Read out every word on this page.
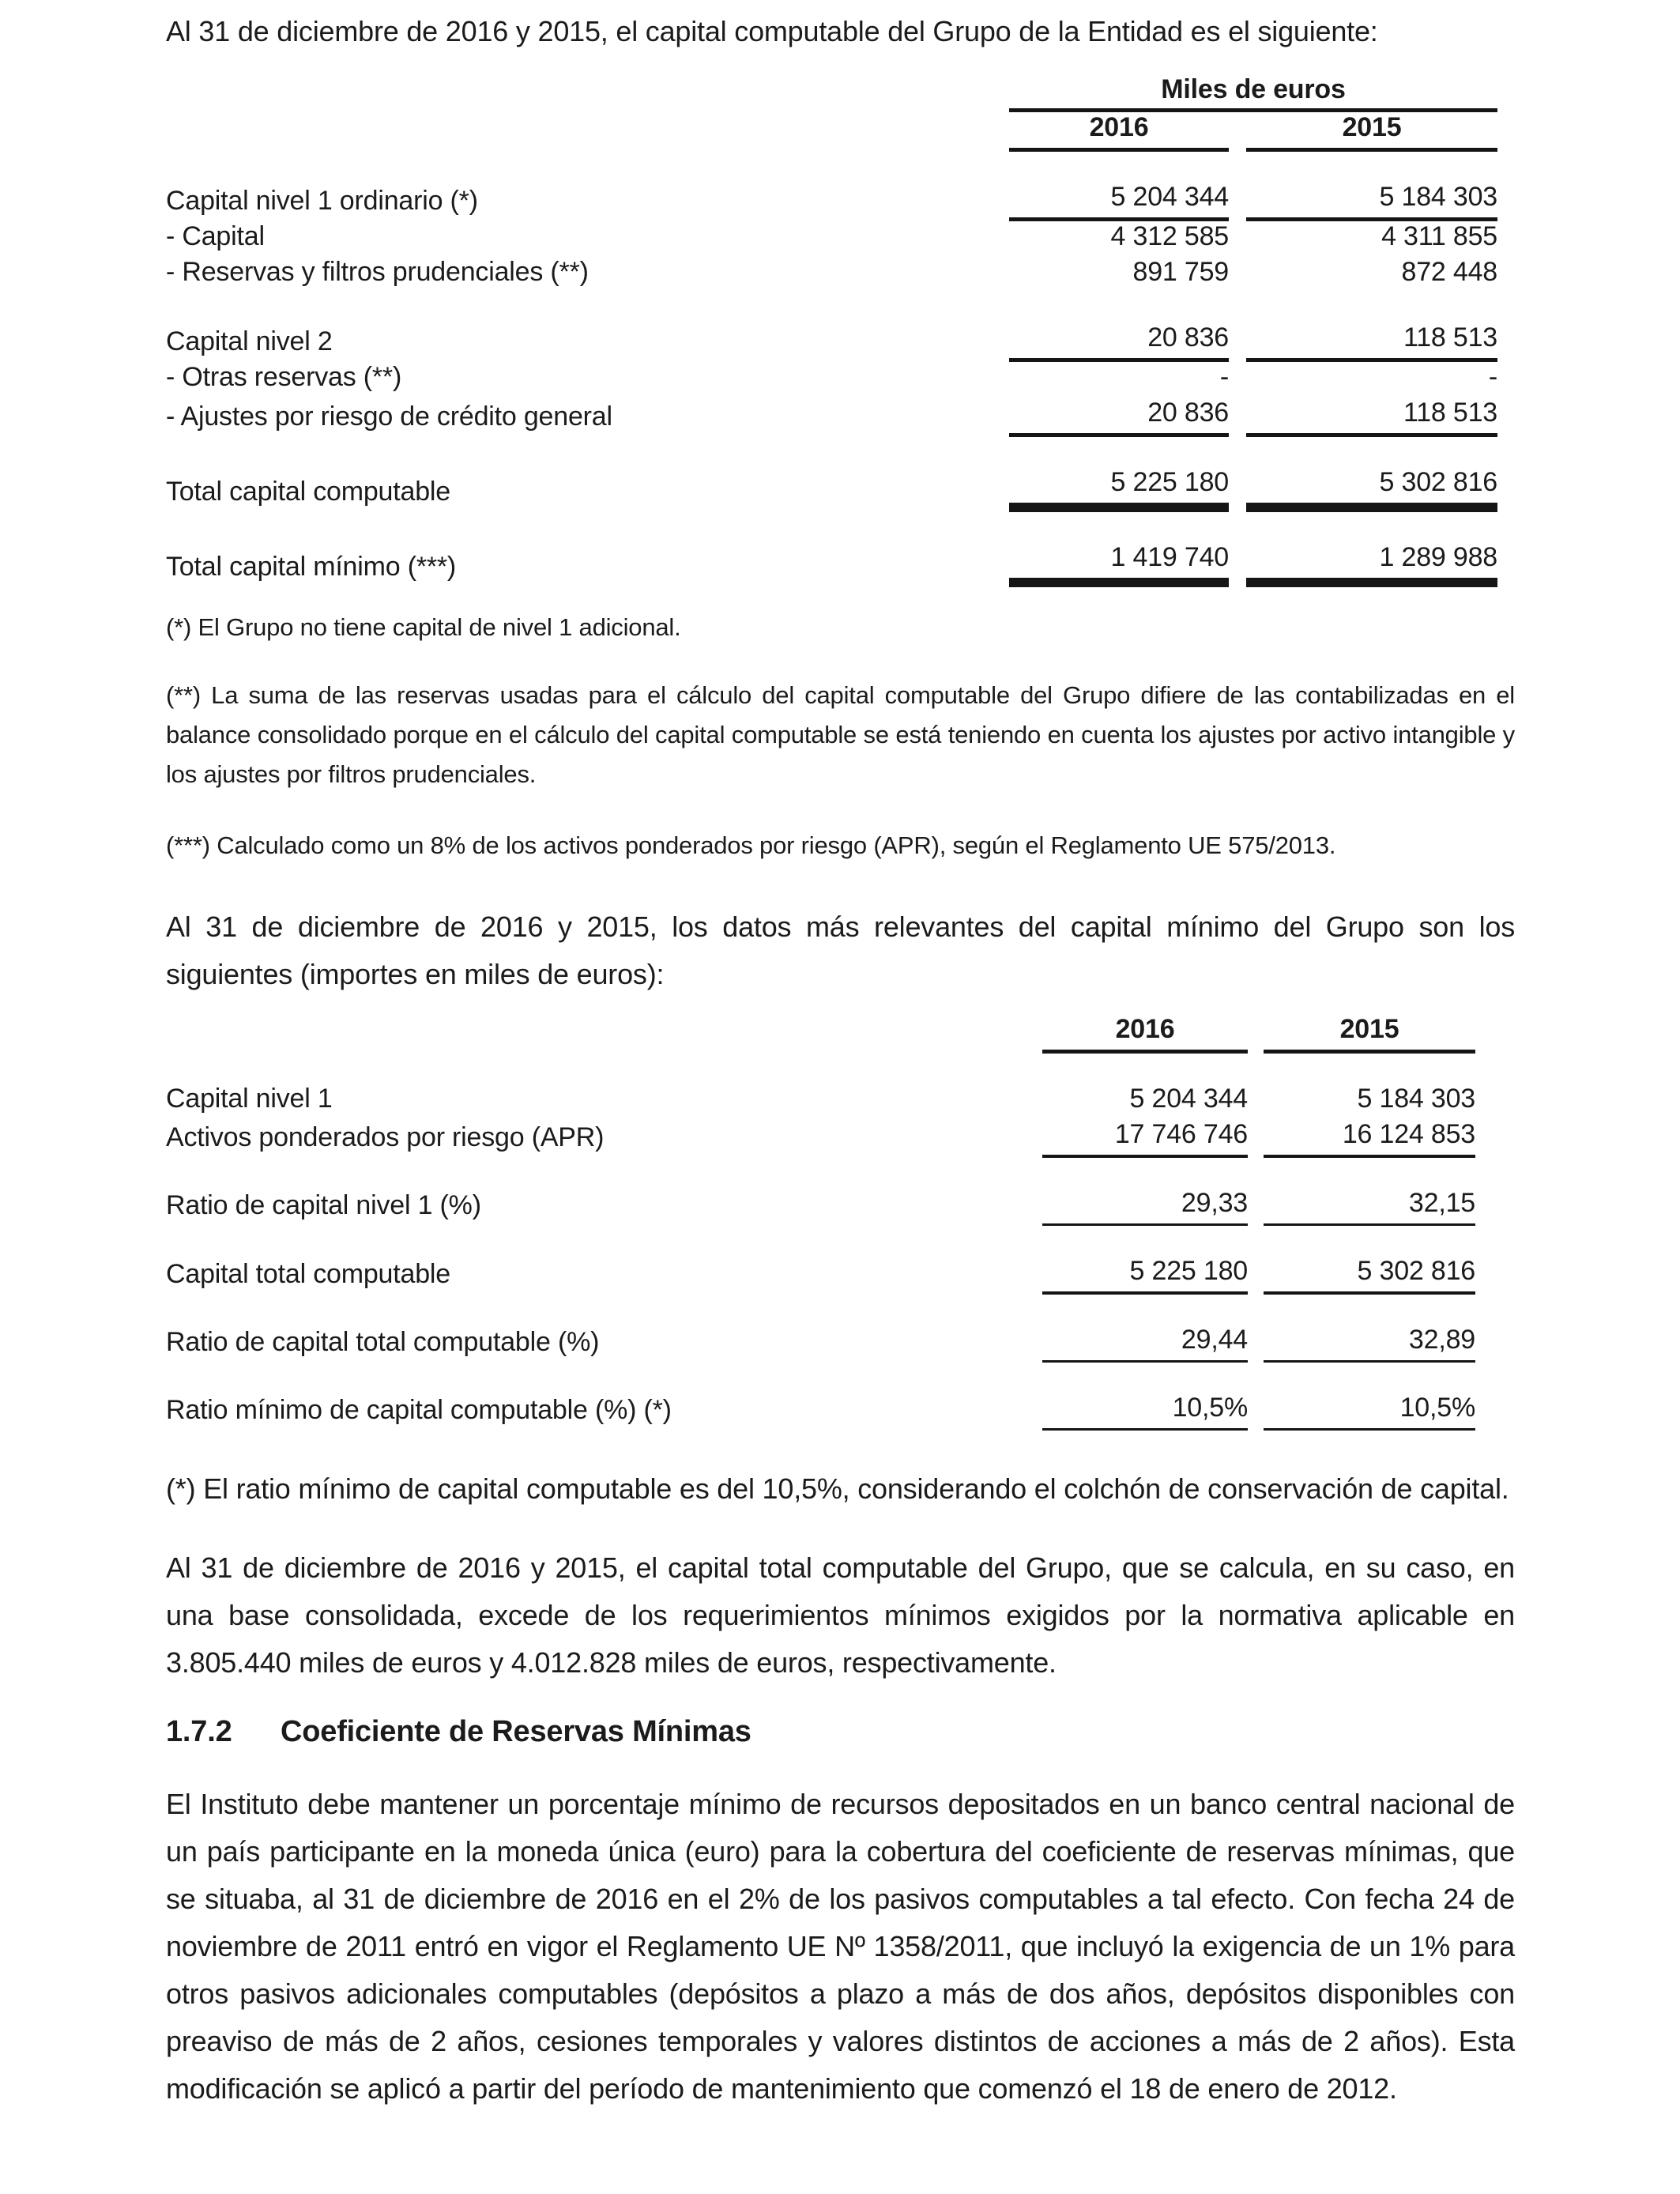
Al 31 de diciembre de 2016 y 2015, el capital computable del Grupo de la Entidad es el siguiente:

Miles de euros
2016	2015
Capital nivel 1 ordinario (*)	5 204 344	5 184 303
- Capital	4 312 585	4 311 855
- Reservas y filtros prudenciales (**)	891 759	872 448
Capital nivel 2	20 836	118 513
- Otras reservas (**)	-	-
- Ajustes por riesgo de crédito general	20 836	118 513
Total capital computable	5 225 180	5 302 816
Total capital mínimo (***)	1 419 740	1 289 988

(*) El Grupo no tiene capital de nivel 1 adicional.

(**) La suma de las reservas usadas para el cálculo del capital computable del Grupo difiere de las contabilizadas en el balance consolidado porque en el cálculo del capital computable se está teniendo en cuenta los ajustes por activo intangible y los ajustes por filtros prudenciales.

(***) Calculado como un 8% de los activos ponderados por riesgo (APR), según el Reglamento UE 575/2013.

Al 31 de diciembre de 2016 y 2015, los datos más relevantes del capital mínimo del Grupo son los siguientes (importes en miles de euros):

2016	2015
Capital nivel 1	5 204 344	5 184 303
Activos ponderados por riesgo (APR)	17 746 746	16 124 853
Ratio de capital nivel 1 (%)	29,33	32,15
Capital total computable	5 225 180	5 302 816
Ratio de capital total computable (%)	29,44	32,89
Ratio mínimo de capital computable (%) (*)	10,5%	10,5%

(*) El ratio mínimo de capital computable es del 10,5%, considerando el colchón de conservación de capital.

Al 31 de diciembre de 2016 y 2015, el capital total computable del Grupo, que se calcula, en su caso, en una base consolidada, excede de los requerimientos mínimos exigidos por la normativa aplicable en 3.805.440 miles de euros y 4.012.828 miles de euros, respectivamente.

1.7.2	Coeficiente de Reservas Mínimas

El Instituto debe mantener un porcentaje mínimo de recursos depositados en un banco central nacional de un país participante en la moneda única (euro) para la cobertura del coeficiente de reservas mínimas, que se situaba, al 31 de diciembre de 2016 en el 2% de los pasivos computables a tal efecto. Con fecha 24 de noviembre de 2011 entró en vigor el Reglamento UE Nº 1358/2011, que incluyó la exigencia de un 1% para otros pasivos adicionales computables (depósitos a plazo a más de dos años, depósitos disponibles con preaviso de más de 2 años, cesiones temporales y valores distintos de acciones a más de 2 años). Esta modificación se aplicó a partir del período de mantenimiento que comenzó el 18 de enero de 2012.
